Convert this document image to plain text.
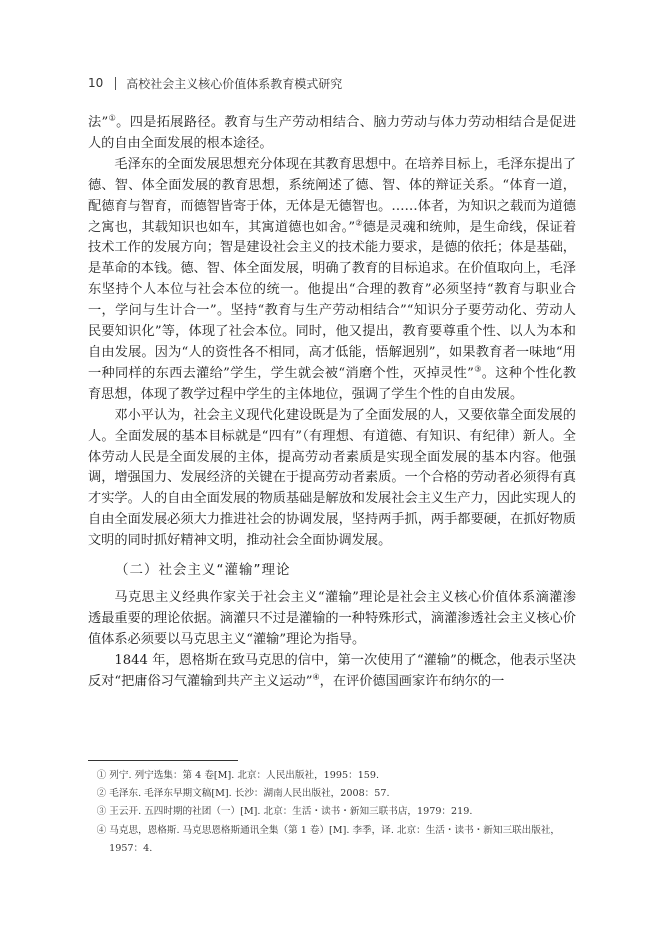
10 高校社会主义核心价值体系教育模式研究

法”①。四是拓展路径。教育与生产劳动相结合、脑力劳动与体力劳动相结合是促进人的自由全面发展的根本途径。

毛泽东的全面发展思想充分体现在其教育思想中。在培养目标上，毛泽东提出了德、智、体全面发展的教育思想，系统阐述了德、智、体的辩证关系。“体育一道，配德育与智育，而德智皆寄于体，无体是无德智也。……体者，为知识之载而为道德之寓也，其载知识也如车，其寓道德也如舍。”②德是灵魂和统帅，是生命线，保证着技术工作的发展方向；智是建设社会主义的技术能力要求，是德的依托；体是基础，是革命的本钱。德、智、体全面发展，明确了教育的目标追求。在价值取向上，毛泽东坚持个人本位与社会本位的统一。他提出“合理的教育”必须坚持“教育与职业合一，学问与生计合一”。坚持“教育与生产劳动相结合”“知识分子要劳动化、劳动人民要知识化”等，体现了社会本位。同时，他又提出，教育要尊重个性、以人为本和自由发展。因为“人的资性各不相同，高才低能，悟解迥别”，如果教育者一味地“用一种同样的东西去灌给”学生，学生就会被“消磨个性，灭掉灵性”③。这种个性化教育思想，体现了教学过程中学生的主体地位，强调了学生个性的自由发展。

邓小平认为，社会主义现代化建设既是为了全面发展的人，又要依靠全面发展的人。全面发展的基本目标就是“四有”（有理想、有道德、有知识、有纪律）新人。全体劳动人民是全面发展的主体，提高劳动者素质是实现全面发展的基本内容。他强调，增强国力、发展经济的关键在于提高劳动者素质。一个合格的劳动者必须得有真才实学。人的自由全面发展的物质基础是解放和发展社会主义生产力，因此实现人的自由全面发展必须大力推进社会的协调发展，坚持两手抓，两手都要硬，在抓好物质文明的同时抓好精神文明，推动社会全面协调发展。

（二）社会主义“灌输”理论

马克思主义经典作家关于社会主义“灌输”理论是社会主义核心价值体系滴灌渗透最重要的理论依据。滴灌只不过是灌输的一种特殊形式，滴灌渗透社会主义核心价值体系必须要以马克思主义“灌输”理论为指导。

1844 年，恩格斯在致马克思的信中，第一次使用了“灌输”的概念，他表示坚决反对“把庸俗习气灌输到共产主义运动”④，在评价德国画家许布纳尔的一

① 列宁. 列宁选集：第 4 卷[M]. 北京：人民出版社，1995：159.

② 毛泽东. 毛泽东早期文稿[M]. 长沙：湖南人民出版社，2008：57.

③ 王云开. 五四时期的社团（一）[M]. 北京：生活・读书・新知三联书店，1979：219.

④ 马克思，恩格斯. 马克思恩格斯通讯全集（第 1 卷）[M]. 李季，译. 北京：生活・读书・新知三联出版社，1957：4.
